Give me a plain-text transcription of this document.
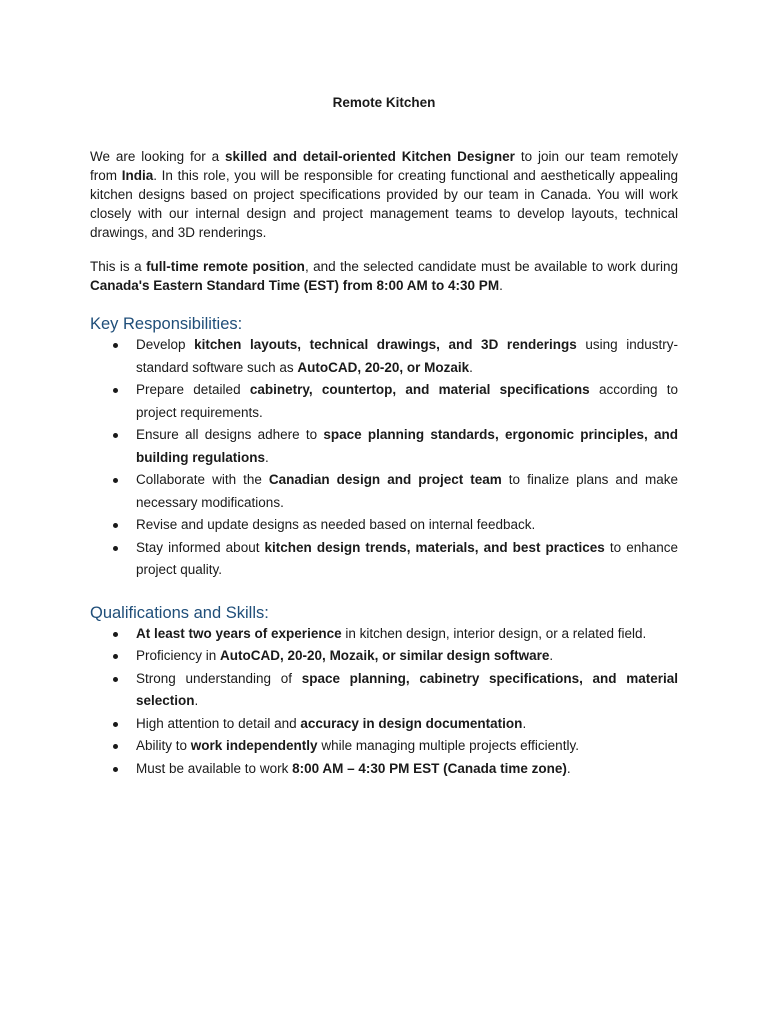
Remote Kitchen

We are looking for a skilled and detail-oriented Kitchen Designer to join our team remotely from India. In this role, you will be responsible for creating functional and aesthetically appealing kitchen designs based on project specifications provided by our team in Canada. You will work closely with our internal design and project management teams to develop layouts, technical drawings, and 3D renderings.

This is a full-time remote position, and the selected candidate must be available to work during Canada's Eastern Standard Time (EST) from 8:00 AM to 4:30 PM.

Key Responsibilities:
Develop kitchen layouts, technical drawings, and 3D renderings using industry-standard software such as AutoCAD, 20-20, or Mozaik.
Prepare detailed cabinetry, countertop, and material specifications according to project requirements.
Ensure all designs adhere to space planning standards, ergonomic principles, and building regulations.
Collaborate with the Canadian design and project team to finalize plans and make necessary modifications.
Revise and update designs as needed based on internal feedback.
Stay informed about kitchen design trends, materials, and best practices to enhance project quality.
Qualifications and Skills:
At least two years of experience in kitchen design, interior design, or a related field.
Proficiency in AutoCAD, 20-20, Mozaik, or similar design software.
Strong understanding of space planning, cabinetry specifications, and material selection.
High attention to detail and accuracy in design documentation.
Ability to work independently while managing multiple projects efficiently.
Must be available to work 8:00 AM – 4:30 PM EST (Canada time zone).
